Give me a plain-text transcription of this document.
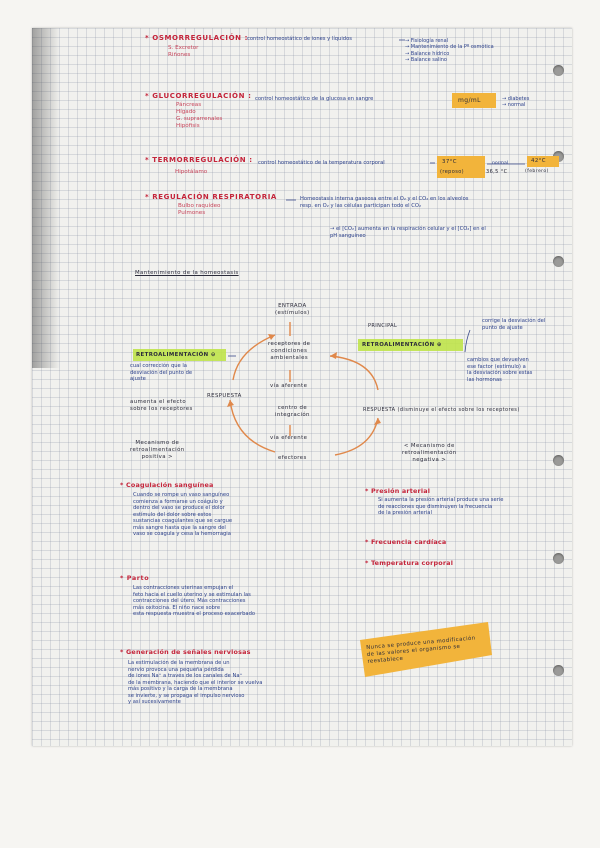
* OSMORREGULACIÓN :
control homeostático de iones y líquidos
S. Excretor
Riñones
→ Fisiología renal
→ Mantenimiento de la Pº osmótica
→ Balance hídrico
→ Balance salino
* GLUCORREGULACIÓN : control homeostático de la glucosa en sangre
Páncreas
Hígado
G. suprarrenales
Hipófisis
mg/mL	→ diabetes
→ normal
* TERMORREGULACIÓN : control homeostático de la temperatura corporal
Hipotálamo
37°C
(reposo)
normal
36,5 °C	(febrero)
42°C
* REGULACIÓN RESPIRATORIA
Bulbo raquídeo
Pulmones
Homeostasis interna gaseosa entre el O₂ y el CO₂ en los alveolos
resp. en O₂ y las células participan todo el CO₂
→ el [CO₂] aumenta en la respiración celular y el [CO₂] en el
pH sanguíneo
Mantenimiento de la homeostasis
ENTRADA
(estímulos)
receptores de
condiciones
ambientales
vía aferente
centro de
integración
vía eferente
efectores
RESPUESTA
RETROALIMENTACIÓN ⊖
cual corrección que la
desviación del punto de
ajuste
aumenta el efecto
sobre los receptores
PRINCIPAL
RETROALIMENTACIÓN ⊕
corrige la desviación del
punto de ajuste
cambios que devuelven
ese factor (estímulo) a
la desviación sobre estas
las hormonas
RESPUESTA (disminuye el efecto sobre los receptores)
Mecanismo de
retroalimentación
positiva >
< Mecanismo de
retroalimentación
negativa >
* Coagulación sanguínea
Cuando se rompe un vaso sanguíneo
comienza a formarse un coágulo y
dentro del vaso se produce el dolor
estímulo del dolor sobre estos
sustancias coagulantes que se cargue
más sangre hasta que la sangre del
vaso se coagula y cesa la hemorragia
* Parto
Las contracciones uterinas empujan el
feto hacia el cuello uterino y se estimulan las
contracciones del útero. Más contracciones
más oxitocina. El niño nace sobre
esta respuesta muestra el proceso exacerbado
* Generación de señales nerviosas
La estimulación de la membrana de un
nervio provoca una pequeña pérdida
de iones Na⁺ a través de los canales de Na⁺
de la membrana, haciendo que el interior se vuelva
más positivo y la carga de la membrana
se invierte, y se propaga el impulso nervioso
y así sucesivamente
* Presión arterial
Si aumenta la presión arterial produce una serie
de reacciones que disminuyen la frecuencia
de la presión arterial
* Frecuencia cardíaca
* Temperatura corporal
Nunca se produce una modificación
de las valores el organismo se
reestablece
